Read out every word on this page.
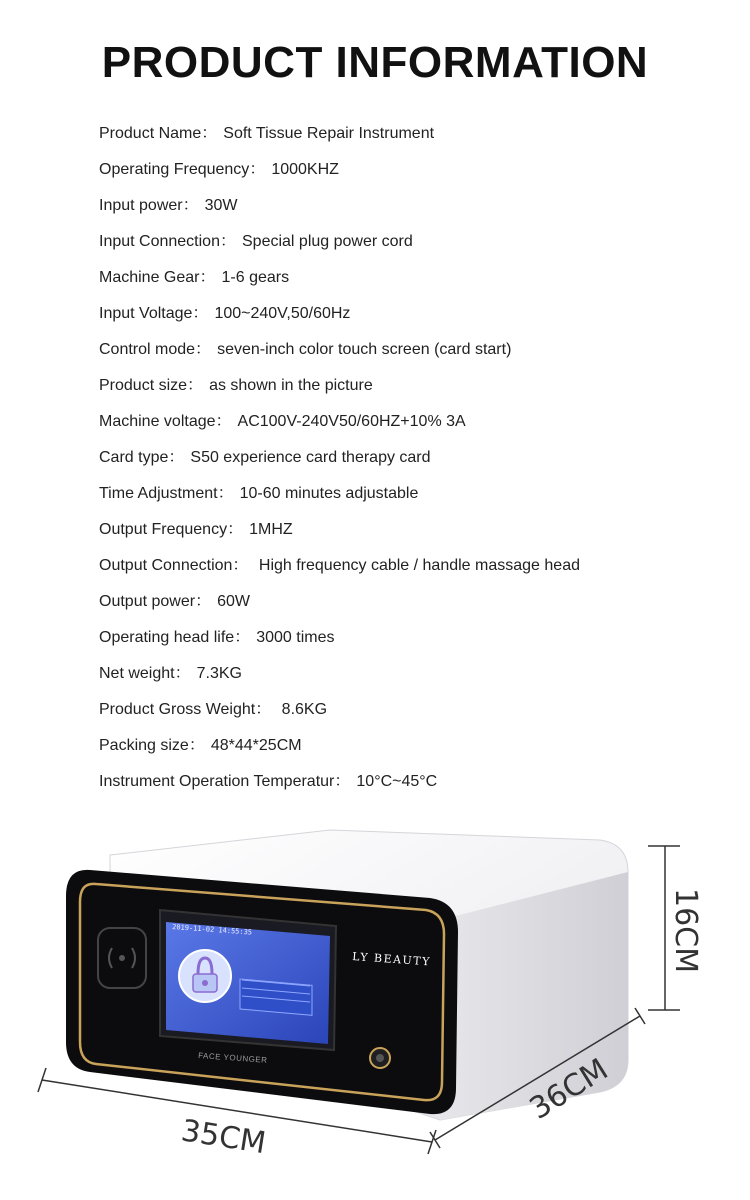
PRODUCT INFORMATION
Product Name： Soft Tissue Repair Instrument
Operating Frequency： 1000KHZ
Input power： 30W
Input Connection： Special plug power cord
Machine Gear： 1-6 gears
Input Voltage： 100~240V,50/60Hz
Control mode： seven-inch color touch screen (card start)
Product size： as shown in the picture
Machine voltage： AC100V-240V50/60HZ+10% 3A
Card type： S50 experience card therapy card
Time Adjustment： 10-60 minutes adjustable
Output Frequency： 1MHZ
Output Connection： High frequency cable / handle massage head
Output power： 60W
Operating head life： 3000 times
Net weight： 7.3KG
Product Gross Weight： 8.6KG
Packing size： 48*44*25CM
Instrument Operation Temperatur： 10°C~45°C
2019-11-02 14:55:35
LY BEAUTY
FACE YOUNGER
16CM
36CM
35CM
